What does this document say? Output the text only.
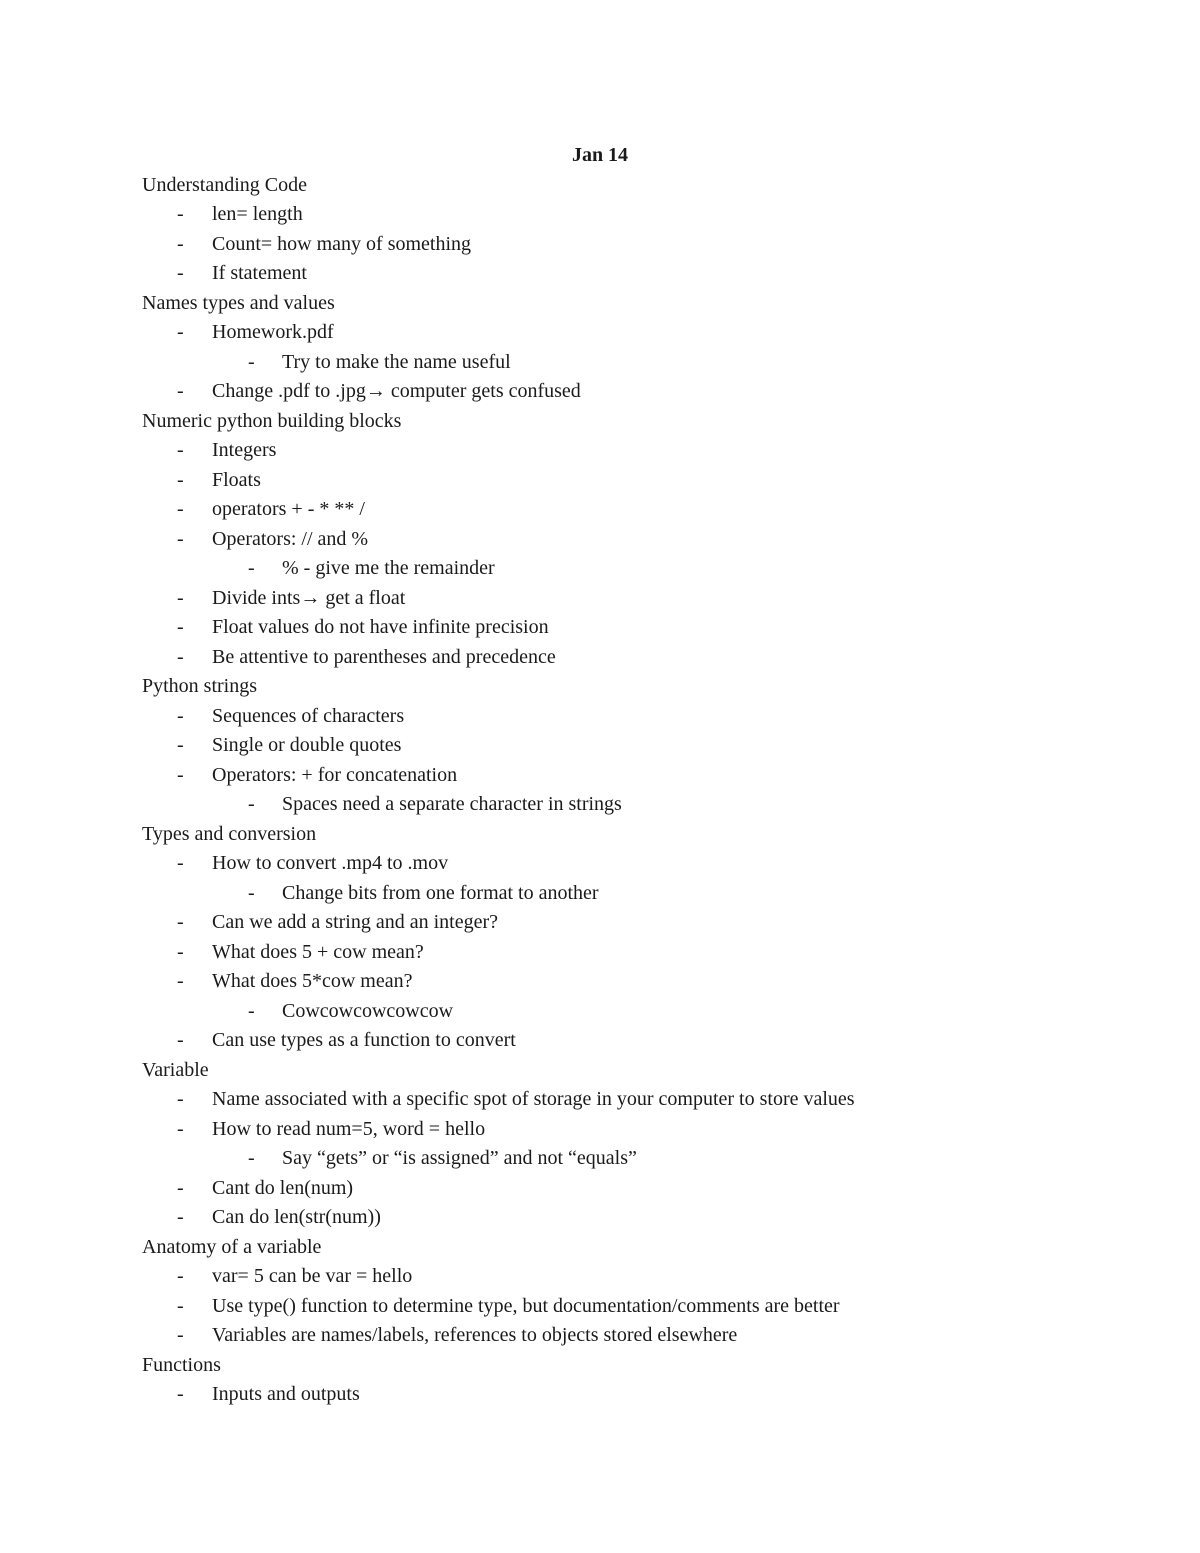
Jan 14
Understanding Code
- len= length
- Count= how many of something
- If statement
Names types and values
- Homework.pdf
- Try to make the name useful
- Change .pdf to .jpg→ computer gets confused
Numeric python building blocks
- Integers
- Floats
- operators + - * ** /
- Operators: // and %
- % - give me the remainder
- Divide ints→ get a float
- Float values do not have infinite precision
- Be attentive to parentheses and precedence
Python strings
- Sequences of characters
- Single or double quotes
- Operators: + for concatenation
- Spaces need a separate character in strings
Types and conversion
- How to convert .mp4 to .mov
- Change bits from one format to another
- Can we add a string and an integer?
- What does 5 + cow mean?
- What does 5*cow mean?
- Cowcowcowcowcow
- Can use types as a function to convert
Variable
- Name associated with a specific spot of storage in your computer to store values
- How to read num=5, word = hello
- Say “gets” or “is assigned” and not “equals”
- Cant do len(num)
- Can do len(str(num))
Anatomy of a variable
- var= 5 can be var = hello
- Use type() function to determine type, but documentation/comments are better
- Variables are names/labels, references to objects stored elsewhere
Functions
- Inputs and outputs
